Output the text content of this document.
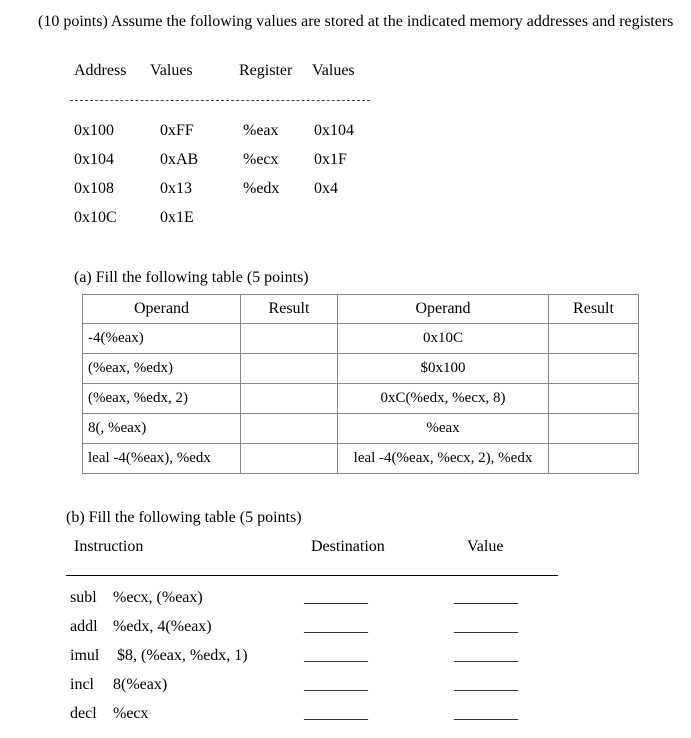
(10 points) Assume the following values are stored at the indicated memory addresses and registers
Address Values	Register Values
0x100	0xFF	%eax 0x104
0x104	0xAB	%ecx 0x1F
0x108	0x13	%edx 0x4
0x10C	0x1E
(a) Fill the following table (5 points)
Operand	Result	Operand	Result
-4(%eax)		0x10C	
(%eax, %edx)		$0x100	
(%eax, %edx, 2)		0xC(%edx, %ecx, 8)	
8(, %eax)		%eax	
leal -4(%eax), %edx		leal -4(%eax, %ecx, 2), %edx	
(b) Fill the following table (5 points)
Instruction	Destination	Value
subl %ecx, (%eax)	________	________
addl %edx, 4(%eax)	________	________
imul $8, (%eax, %edx, 1)	________	________
incl 8(%eax)	________	________
decl %ecx	________	________
